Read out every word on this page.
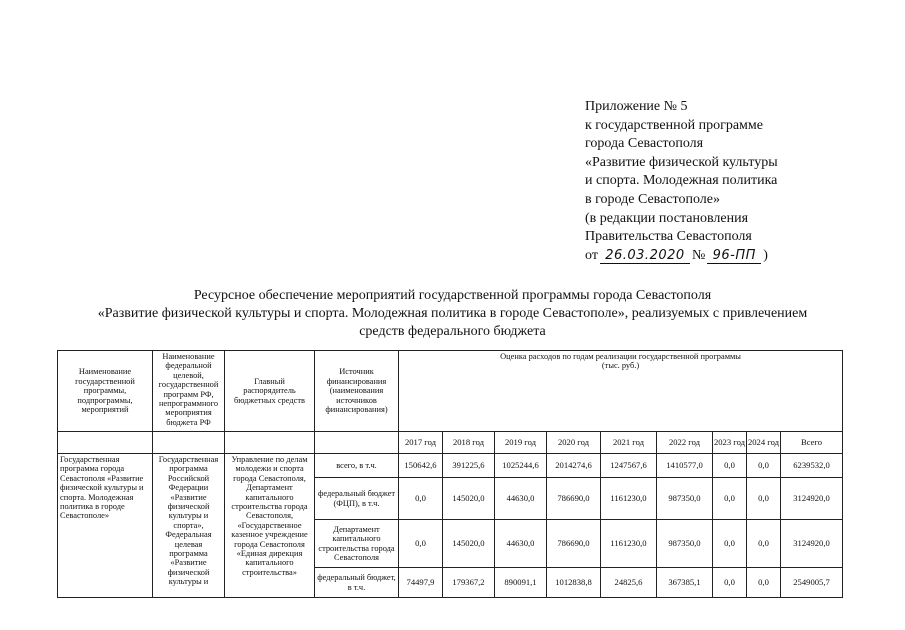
Приложение № 5
к государственной программе
города Севастополя
«Развитие физической культуры
и спорта. Молодежная политика
в городе Севастополе»
(в редакции постановления
Правительства Севастополя
от 26.03.2020 № 96-ПП )
Ресурсное обеспечение мероприятий государственной программы города Севастополя
«Развитие физической культуры и спорта. Молодежная политика в городе Севастополе», реализуемых с привлечением
средств федерального бюджета
Наименование государственной программы, подпрограммы, мероприятий	Наименование федеральной целевой, государственной программ РФ, непрограммного мероприятия бюджета РФ	Главный распорядитель бюджетных средств	Источник финансирования (наименования источников финансирования)	Оценка расходов по годам реализации государственной программы
(тыс. руб.)								

				2017 год	2018 год	2019 год	2020 год	2021 год	2022 год	2023 год	2024 год	Всего
Государственная программа города Севастополя «Развитие физической культуры и спорта. Молодежная политика в городе Севастополе»	Государственная программа Российской Федерации «Развитие физической культуры и спорта», Федеральная целевая программа «Развитие физической культуры и	Управление по делам молодежи и спорта города Севастополя, Департамент капитального строительства города Севастополя, «Государственное казенное учреждение города Севастополя «Единая дирекция капитального строительства»	всего, в т.ч.	150642,6	391225,6	1025244,6	2014274,6	1247567,6	1410577,0	0,0	0,0	6239532,0
			федеральный бюджет (ФЦП), в т.ч.	0,0	145020,0	44630,0	786690,0	1161230,0	987350,0	0,0	0,0	3124920,0
			Департамент капитального строительства города Севастополя	0,0	145020,0	44630,0	786690,0	1161230,0	987350,0	0,0	0,0	3124920,0
			федеральный бюджет, в т.ч.	74497,9	179367,2	890091,1	1012838,8	24825,6	367385,1	0,0	0,0	2549005,7
